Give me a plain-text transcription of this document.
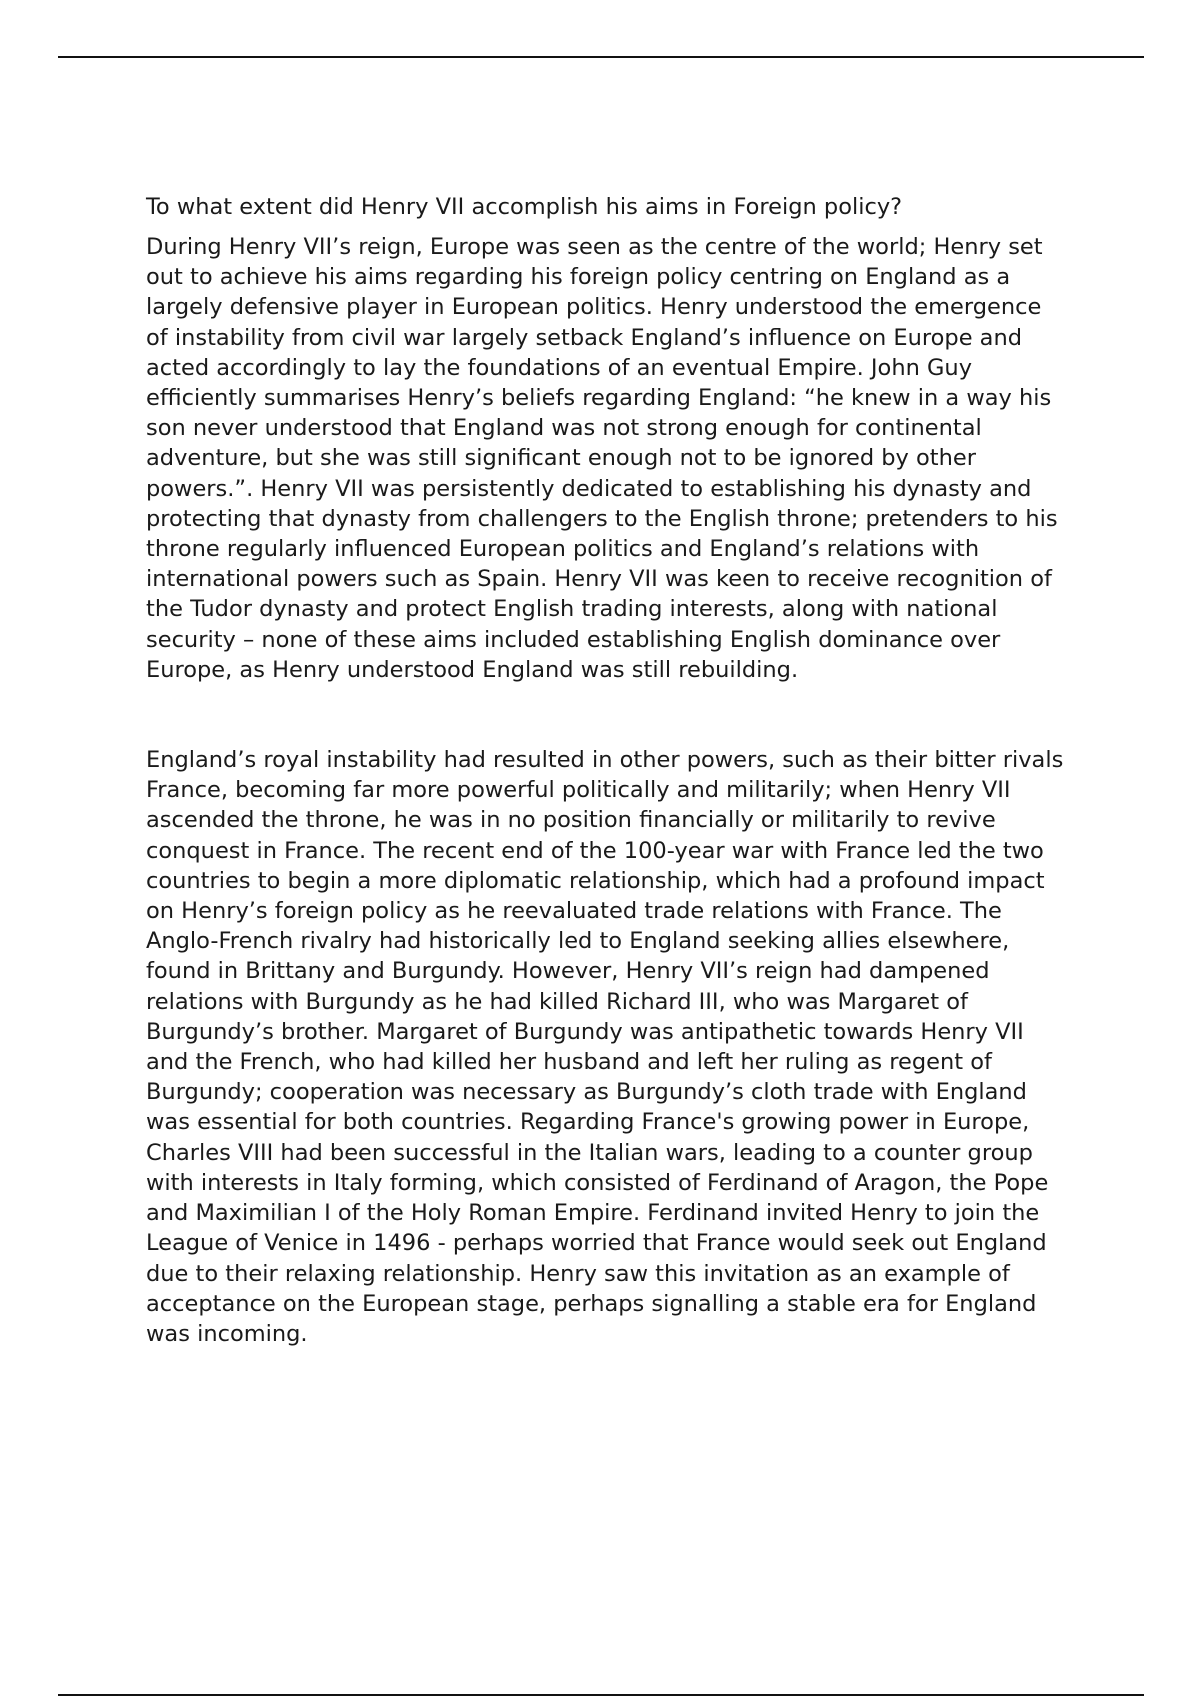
To what extent did Henry VII accomplish his aims in Foreign policy?

During Henry VII’s reign, Europe was seen as the centre of the world; Henry set out to achieve his aims regarding his foreign policy centring on England as a largely defensive player in European politics. Henry understood the emergence of instability from civil war largely setback England’s influence on Europe and acted accordingly to lay the foundations of an eventual Empire. John Guy efficiently summarises Henry’s beliefs regarding England: “he knew in a way his son never understood that England was not strong enough for continental adventure, but she was still significant enough not to be ignored by other powers.”. Henry VII was persistently dedicated to establishing his dynasty and protecting that dynasty from challengers to the English throne; pretenders to his throne regularly influenced European politics and England’s relations with international powers such as Spain. Henry VII was keen to receive recognition of the Tudor dynasty and protect English trading interests, along with national security – none of these aims included establishing English dominance over Europe, as Henry understood England was still rebuilding.

England’s royal instability had resulted in other powers, such as their bitter rivals France, becoming far more powerful politically and militarily; when Henry VII ascended the throne, he was in no position financially or militarily to revive conquest in France. The recent end of the 100-year war with France led the two countries to begin a more diplomatic relationship, which had a profound impact on Henry’s foreign policy as he reevaluated trade relations with France. The Anglo-French rivalry had historically led to England seeking allies elsewhere, found in Brittany and Burgundy. However, Henry VII’s reign had dampened relations with Burgundy as he had killed Richard III, who was Margaret of Burgundy’s brother. Margaret of Burgundy was antipathetic towards Henry VII and the French, who had killed her husband and left her ruling as regent of Burgundy; cooperation was necessary as Burgundy’s cloth trade with England was essential for both countries. Regarding France's growing power in Europe, Charles VIII had been successful in the Italian wars, leading to a counter group with interests in Italy forming, which consisted of Ferdinand of Aragon, the Pope and Maximilian I of the Holy Roman Empire. Ferdinand invited Henry to join the League of Venice in 1496 - perhaps worried that France would seek out England due to their relaxing relationship. Henry saw this invitation as an example of acceptance on the European stage, perhaps signalling a stable era for England was incoming.
